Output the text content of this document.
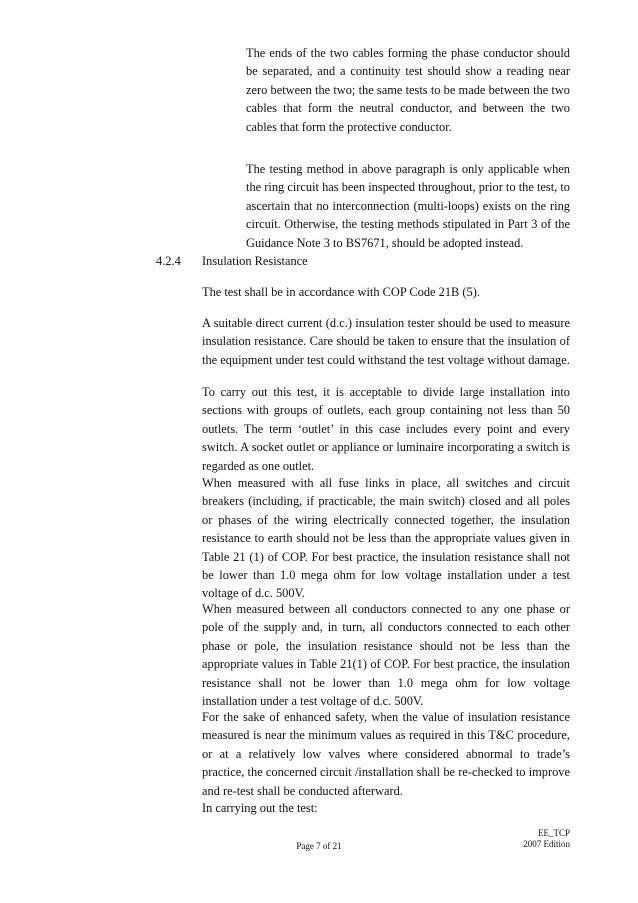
The ends of the two cables forming the phase conductor should be separated, and a continuity test should show a reading near zero between the two; the same tests to be made between the two cables that form the neutral conductor, and between the two cables that form the protective conductor.

The testing method in above paragraph is only applicable when the ring circuit has been inspected throughout, prior to the test, to ascertain that no interconnection (multi-loops) exists on the ring circuit. Otherwise, the testing methods stipulated in Part 3 of the Guidance Note 3 to BS7671, should be adopted instead.

4.2.4 Insulation Resistance

The test shall be in accordance with COP Code 21B (5).

A suitable direct current (d.c.) insulation tester should be used to measure insulation resistance. Care should be taken to ensure that the insulation of the equipment under test could withstand the test voltage without damage.

To carry out this test, it is acceptable to divide large installation into sections with groups of outlets, each group containing not less than 50 outlets. The term ‘outlet’ in this case includes every point and every switch. A socket outlet or appliance or luminaire incorporating a switch is regarded as one outlet.

When measured with all fuse links in place, all switches and circuit breakers (including, if practicable, the main switch) closed and all poles or phases of the wiring electrically connected together, the insulation resistance to earth should not be less than the appropriate values given in Table 21 (1) of COP. For best practice, the insulation resistance shall not be lower than 1.0 mega ohm for low voltage installation under a test voltage of d.c. 500V.

When measured between all conductors connected to any one phase or pole of the supply and, in turn, all conductors connected to each other phase or pole, the insulation resistance should not be less than the appropriate values in Table 21(1) of COP. For best practice, the insulation resistance shall not be lower than 1.0 mega ohm for low voltage installation under a test voltage of d.c. 500V.

For the sake of enhanced safety, when the value of insulation resistance measured is near the minimum values as required in this T&C procedure, or at a relatively low valves where considered abnormal to trade’s practice, the concerned circuit /installation shall be re-checked to improve and re-test shall be conducted afterward.

In carrying out the test:

EE_TCP
2007 Edition
Page 7 of 21
